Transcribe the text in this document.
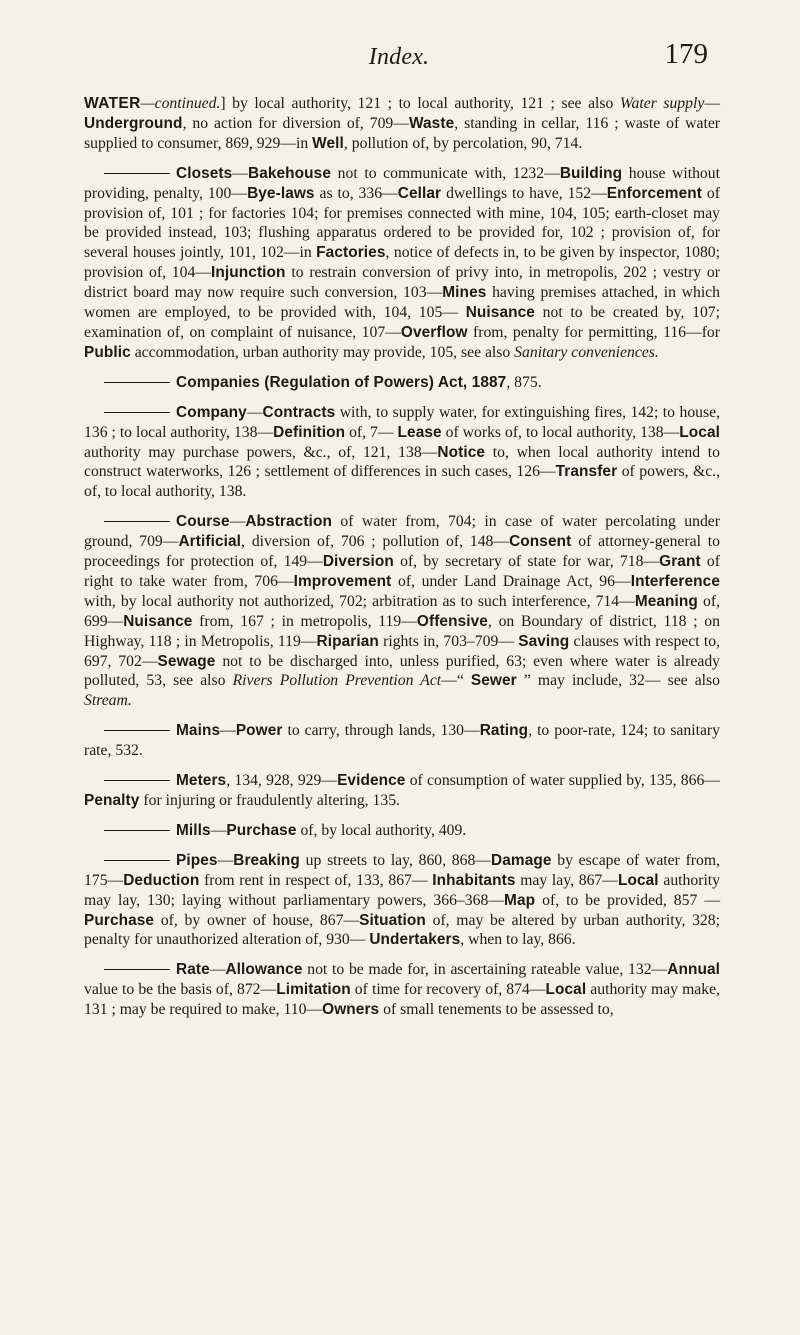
Index.	179

WATER—continued.] by local authority, 121 ; to local authority, 121 ; see also Water supply— Underground, no action for diversion of, 709—Waste, standing in cellar, 116 ; waste of water supplied to consumer, 869, 929—in Well, pollution of, by percolation, 90, 714.

Closets—Bakehouse not to communicate with, 1232—Building house without providing, penalty, 100—Bye-laws as to, 336—Cellar dwellings to have, 152—Enforcement of provision of, 101 ; for factories 104; for premises connected with mine, 104, 105; earth-closet may be provided instead, 103; flushing apparatus ordered to be provided for, 102 ; provision of, for several houses jointly, 101, 102—in Factories, notice of defects in, to be given by inspector, 1080; provision of, 104—Injunction to restrain conversion of privy into, in metropolis, 202 ; vestry or district board may now require such conversion, 103—Mines having premises attached, in which women are employed, to be provided with, 104, 105— Nuisance not to be created by, 107; examination of, on complaint of nuisance, 107—Overflow from, penalty for permitting, 116—for Public accommodation, urban authority may provide, 105, see also Sanitary conveniences.

Companies (Regulation of Powers) Act, 1887, 875.

Company—Contracts with, to supply water, for extinguishing fires, 142; to house, 136 ; to local authority, 138—Definition of, 7— Lease of works of, to local authority, 138—Local authority may purchase powers, &c., of, 121, 138—Notice to, when local authority intend to construct waterworks, 126 ; settlement of differences in such cases, 126—Transfer of powers, &c., of, to local authority, 138.

Course—Abstraction of water from, 704; in case of water percolating under ground, 709—Artificial, diversion of, 706 ; pollution of, 148—Consent of attorney-general to proceedings for protection of, 149—Diversion of, by secretary of state for war, 718—Grant of right to take water from, 706—Improvement of, under Land Drainage Act, 96—Interference with, by local authority not authorized, 702; arbitration as to such interference, 714—Meaning of, 699—Nuisance from, 167 ; in metropolis, 119—Offensive, on Boundary of district, 118 ; on Highway, 118 ; in Metropolis, 119—Riparian rights in, 703–709— Saving clauses with respect to, 697, 702—Sewage not to be discharged into, unless purified, 63; even where water is already polluted, 53, see also Rivers Pollution Prevention Act—“ Sewer ” may include, 32— see also Stream.

Mains—Power to carry, through lands, 130—Rating, to poor-rate, 124; to sanitary rate, 532.

Meters, 134, 928, 929—Evidence of consumption of water supplied by, 135, 866—Penalty for injuring or fraudulently altering, 135.

Mills—Purchase of, by local authority, 409.

Pipes—Breaking up streets to lay, 860, 868—Damage by escape of water from, 175—Deduction from rent in respect of, 133, 867— Inhabitants may lay, 867—Local authority may lay, 130; laying without parliamentary powers, 366–368—Map of, to be provided, 857 —Purchase of, by owner of house, 867—Situation of, may be altered by urban authority, 328; penalty for unauthorized alteration of, 930— Undertakers, when to lay, 866.

Rate—Allowance not to be made for, in ascertaining rateable value, 132—Annual value to be the basis of, 872—Limitation of time for recovery of, 874—Local authority may make, 131 ; may be required to make, 110—Owners of small tenements to be assessed to,
